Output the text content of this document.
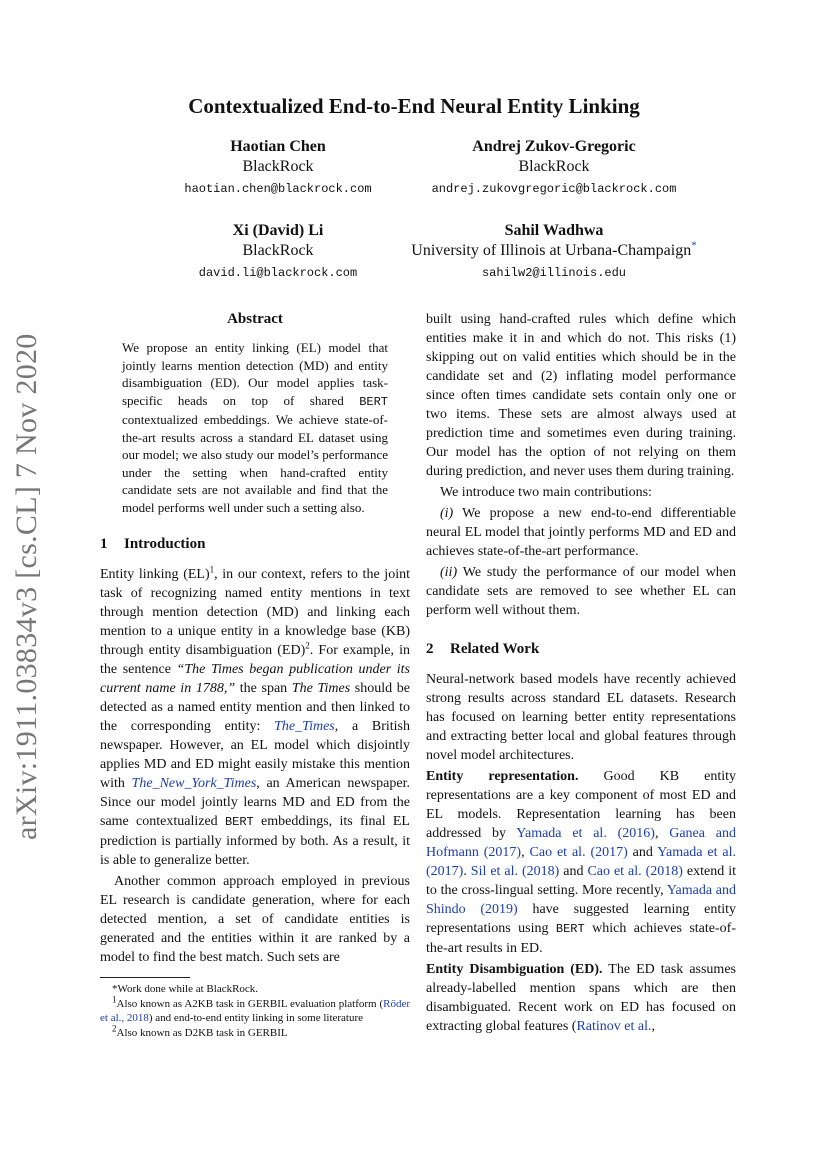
arXiv:1911.03834v3 [cs.CL] 7 Nov 2020
Contextualized End-to-End Neural Entity Linking
Haotian Chen
BlackRock
haotian.chen@blackrock.com
Andrej Zukov-Gregoric
BlackRock
andrej.zukovgregoric@blackrock.com
Xi (David) Li
BlackRock
david.li@blackrock.com
Sahil Wadhwa
University of Illinois at Urbana-Champaign*
sahilw2@illinois.edu
Abstract
We propose an entity linking (EL) model that jointly learns mention detection (MD) and entity disambiguation (ED). Our model applies task-specific heads on top of shared BERT contextualized embeddings. We achieve state-of-the-art results across a standard EL dataset using our model; we also study our model’s performance under the setting when hand-crafted entity candidate sets are not available and find that the model performs well under such a setting also.
1 Introduction

Entity linking (EL)$^1$, in our context, refers to the joint task of recognizing named entity mentions in text through mention detection (MD) and linking each mention to a unique entity in a knowledge base (KB) through entity disambiguation (ED)$^2$. For example, in the sentence “The Times began publication under its current name in 1788,” the span The Times should be detected as a named entity mention and then linked to the corresponding entity: The_Times, a British newspaper. However, an EL model which disjointly applies MD and ED might easily mistake this mention with The_New_York_Times, an American newspaper. Since our model jointly learns MD and ED from the same contextualized BERT embeddings, its final EL prediction is partially informed by both. As a result, it is able to generalize better.

Another common approach employed in previous EL research is candidate generation, where for each detected mention, a set of candidate entities is generated and the entities within it are ranked by a model to find the best match. Such sets are

*Work done while at BlackRock.

$^1$Also known as A2KB task in GERBIL evaluation platform (Röder et al., 2018) and end-to-end entity linking in some literature

$^2$Also known as D2KB task in GERBIL

built using hand-crafted rules which define which entities make it in and which do not. This risks (1) skipping out on valid entities which should be in the candidate set and (2) inflating model performance since often times candidate sets contain only one or two items. These sets are almost always used at prediction time and sometimes even during training. Our model has the option of not relying on them during prediction, and never uses them during training.

We introduce two main contributions:

(i) We propose a new end-to-end differentiable neural EL model that jointly performs MD and ED and achieves state-of-the-art performance.

(ii) We study the performance of our model when candidate sets are removed to see whether EL can perform well without them.

2 Related Work

Neural-network based models have recently achieved strong results across standard EL datasets. Research has focused on learning better entity representations and extracting better local and global features through novel model architectures.

Entity representation. Good KB entity representations are a key component of most ED and EL models. Representation learning has been addressed by Yamada et al. (2016), Ganea and Hofmann (2017), Cao et al. (2017) and Yamada et al. (2017). Sil et al. (2018) and Cao et al. (2018) extend it to the cross-lingual setting. More recently, Yamada and Shindo (2019) have suggested learning entity representations using BERT which achieves state-of-the-art results in ED.

Entity Disambiguation (ED). The ED task assumes already-labelled mention spans which are then disambiguated. Recent work on ED has focused on extracting global features (Ratinov et al.,
